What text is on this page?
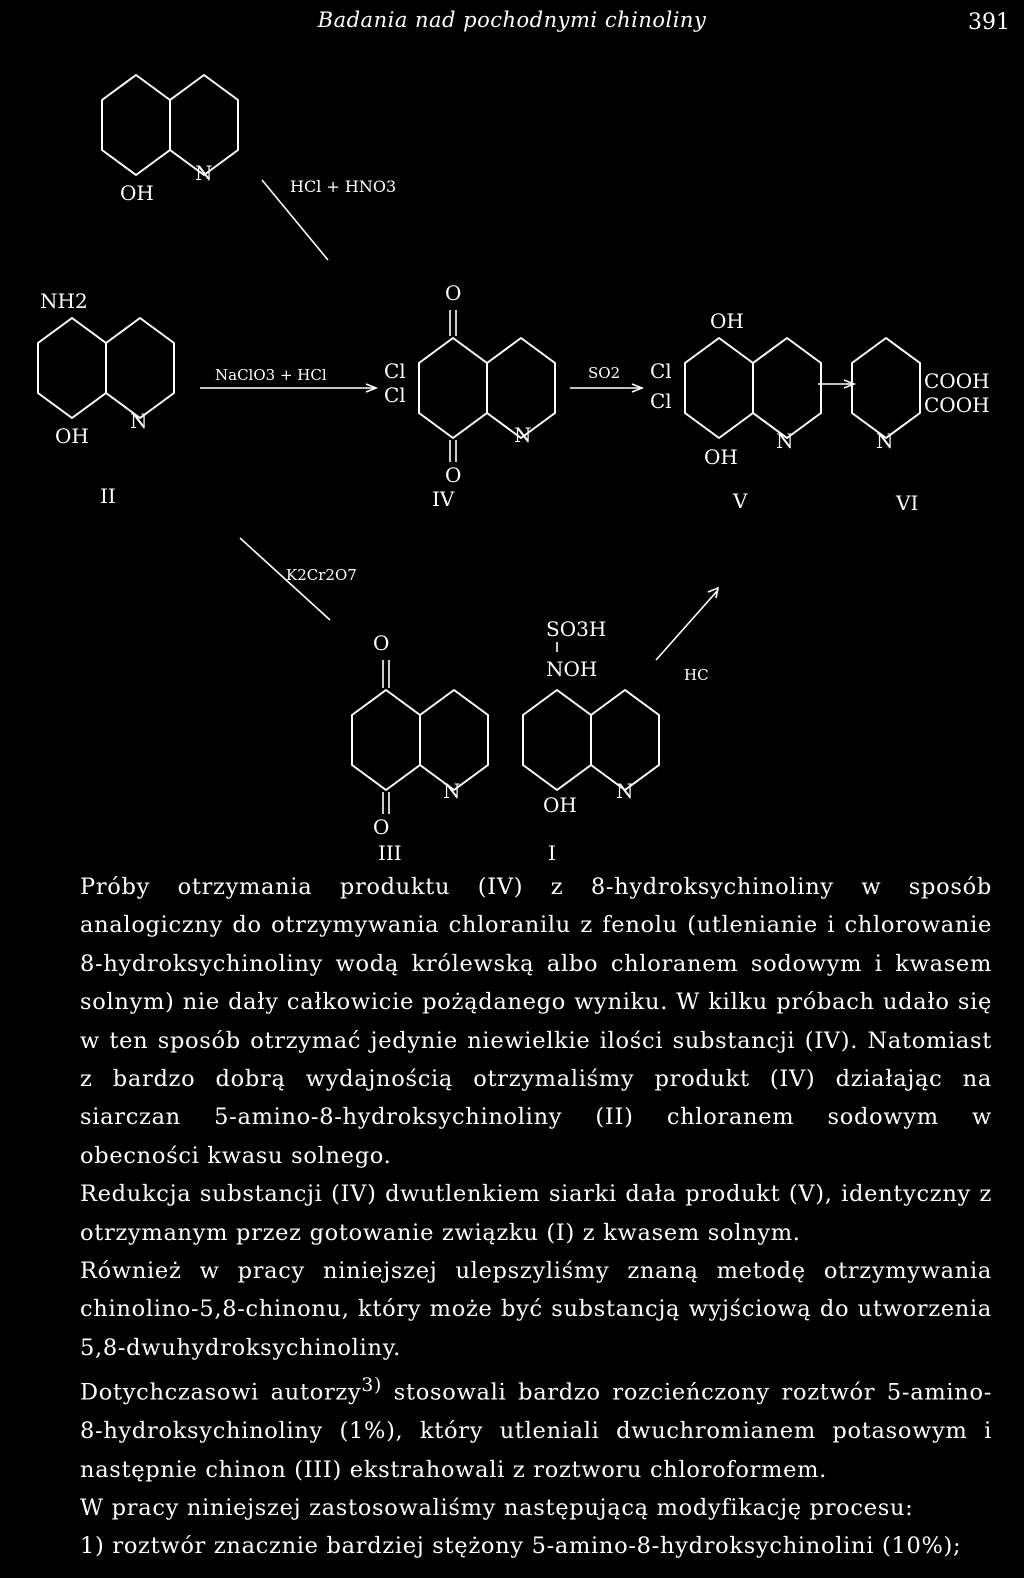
Badania nad pochodnymi chinoliny	391
OH
N
HCl + HNO3
NH2
OH
N
II
NaClO3 + HCl
O
O
Cl
Cl
N
IV
SO2
OH
OH
Cl
Cl
N
V
COOH
COOH
N
VI
K2Cr2O7
O
O
N
III
SO3H
NOH
OH
N
I
HC

Próby otrzymania produktu (IV) z 8-hydroksychinoliny w sposób analogiczny do otrzymywania chloranilu z fenolu (utlenianie i chlorowanie 8-hydroksychinoliny wodą królewską albo chloranem sodowym i kwasem solnym) nie dały całkowicie pożądanego wyniku. W kilku próbach udało się w ten sposób otrzymać jedynie niewielkie ilości substancji (IV). Natomiast z bardzo dobrą wydajnością otrzymaliśmy produkt (IV) działając na siarczan 5-amino-8-hydroksychinoliny (II) chloranem sodowym w obecności kwasu solnego.

Redukcja substancji (IV) dwutlenkiem siarki dała produkt (V), identyczny z otrzymanym przez gotowanie związku (I) z kwasem solnym.

Również w pracy niniejszej ulepszyliśmy znaną metodę otrzymywania chinolino-5,8-chinonu, który może być substancją wyjściową do utworzenia 5,8-dwuhydroksychinoliny.

Dotychczasowi autorzy$^{3)}$ stosowali bardzo rozcieńczony roztwór 5-amino-8-hydroksychinoliny (1%), który utleniali dwuchromianem potasowym i następnie chinon (III) ekstrahowali z roztworu chloroformem.

W pracy niniejszej zastosowaliśmy następującą modyfikację procesu:

1) roztwór znacznie bardziej stężony 5-amino-8-hydroksychinolini (10%);
